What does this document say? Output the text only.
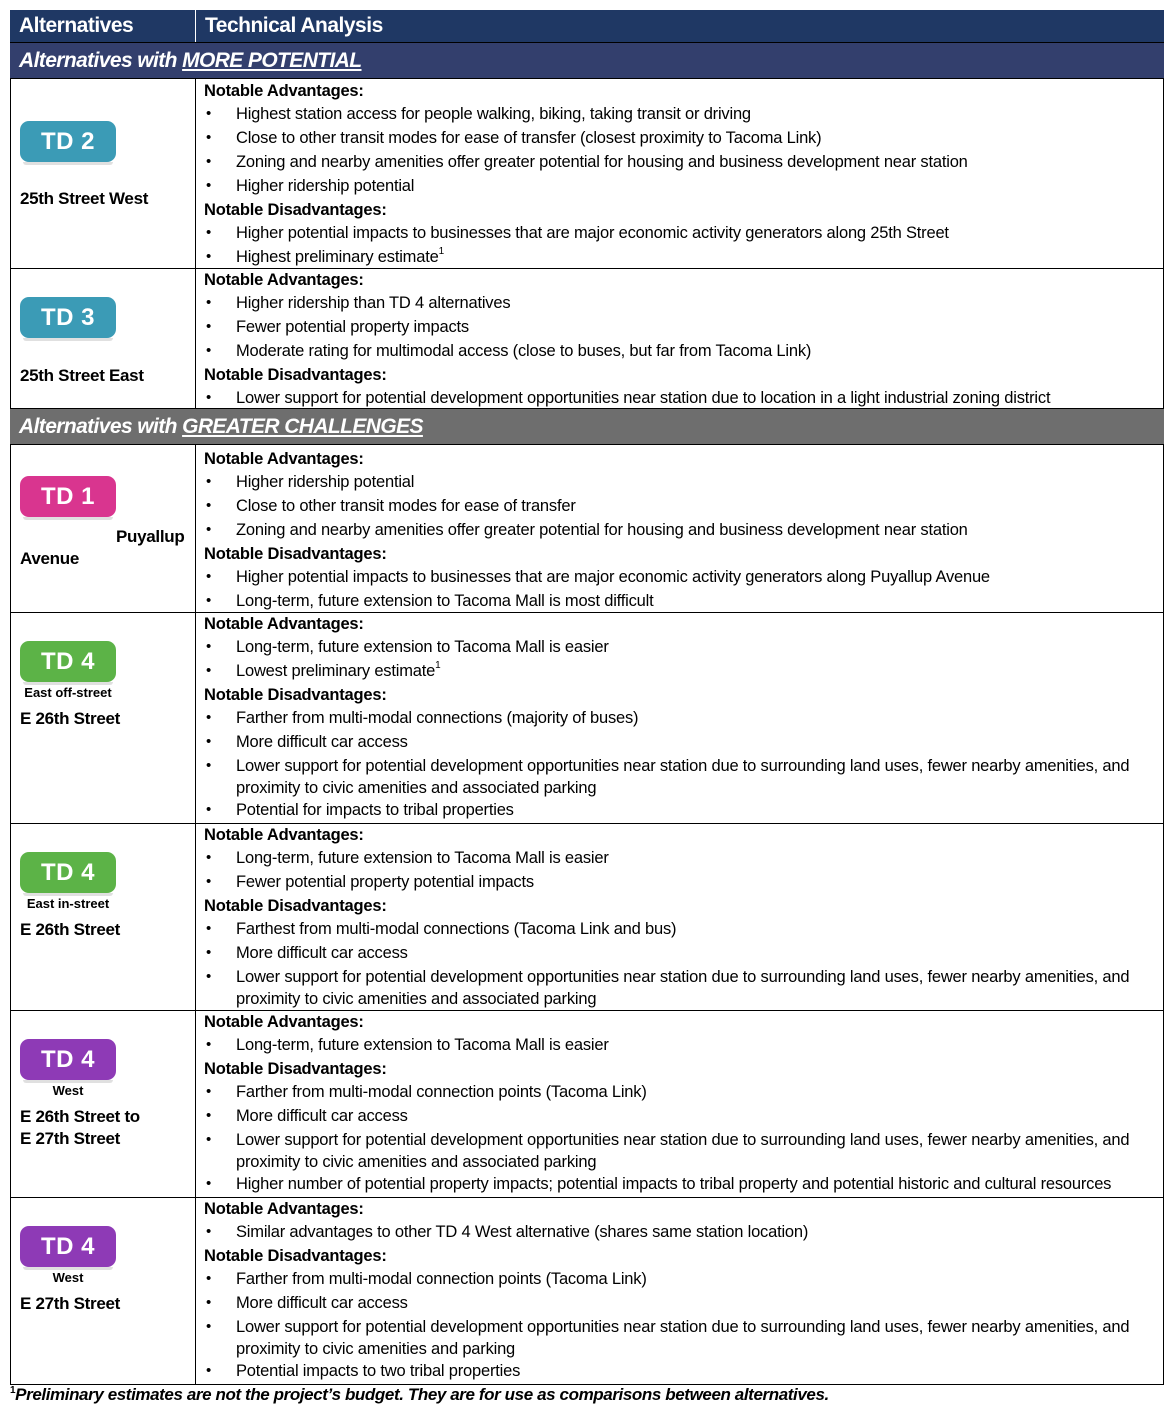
Alternatives	Technical Analysis
Alternatives with MORE POTENTIAL
Alternatives with GREATER CHALLENGES
TD 2
25th Street West
Notable Advantages:
• Highest station access for people walking, biking, taking transit or driving
• Close to other transit modes for ease of transfer (closest proximity to Tacoma Link)
• Zoning and nearby amenities offer greater potential for housing and business development near station
• Higher ridership potential
Notable Disadvantages:
• Higher potential impacts to businesses that are major economic activity generators along 25th Street
• Highest preliminary estimate$^1$
TD 3
25th Street East
Notable Advantages:
• Higher ridership than TD 4 alternatives
• Fewer potential property impacts
• Moderate rating for multimodal access (close to buses, but far from Tacoma Link)
Notable Disadvantages:
• Lower support for potential development opportunities near station due to location in a light industrial zoning district
TD 1
Puyallup
Avenue
Notable Advantages:
• Higher ridership potential
• Close to other transit modes for ease of transfer
• Zoning and nearby amenities offer greater potential for housing and business development near station
Notable Disadvantages:
• Higher potential impacts to businesses that are major economic activity generators along Puyallup Avenue
• Long-term, future extension to Tacoma Mall is most difficult
TD 4
East off-street
E 26th Street
Notable Advantages:
• Long-term, future extension to Tacoma Mall is easier
• Lowest preliminary estimate$^1$
Notable Disadvantages:
• Farther from multi-modal connections (majority of buses)
• More difficult car access
• Lower support for potential development opportunities near station due to surrounding land uses, fewer nearby amenities, and proximity to civic amenities and associated parking
• Potential for impacts to tribal properties
TD 4
East in-street
E 26th Street
Notable Advantages:
• Long-term, future extension to Tacoma Mall is easier
• Fewer potential property potential impacts
Notable Disadvantages:
• Farthest from multi-modal connections (Tacoma Link and bus)
• More difficult car access
• Lower support for potential development opportunities near station due to surrounding land uses, fewer nearby amenities, and proximity to civic amenities and associated parking
TD 4
West
E 26th Street to
E 27th Street
Notable Advantages:
• Long-term, future extension to Tacoma Mall is easier
Notable Disadvantages:
• Farther from multi-modal connection points (Tacoma Link)
• More difficult car access
• Lower support for potential development opportunities near station due to surrounding land uses, fewer nearby amenities, and proximity to civic amenities and associated parking
• Higher number of potential property impacts; potential impacts to tribal property and potential historic and cultural resources
TD 4
West
E 27th Street
Notable Advantages:
• Similar advantages to other TD 4 West alternative (shares same station location)
Notable Disadvantages:
• Farther from multi-modal connection points (Tacoma Link)
• More difficult car access
• Lower support for potential development opportunities near station due to surrounding land uses, fewer nearby amenities, and proximity to civic amenities and parking
• Potential impacts to two tribal properties
$^1$Preliminary estimates are not the project’s budget. They are for use as comparisons between alternatives.
